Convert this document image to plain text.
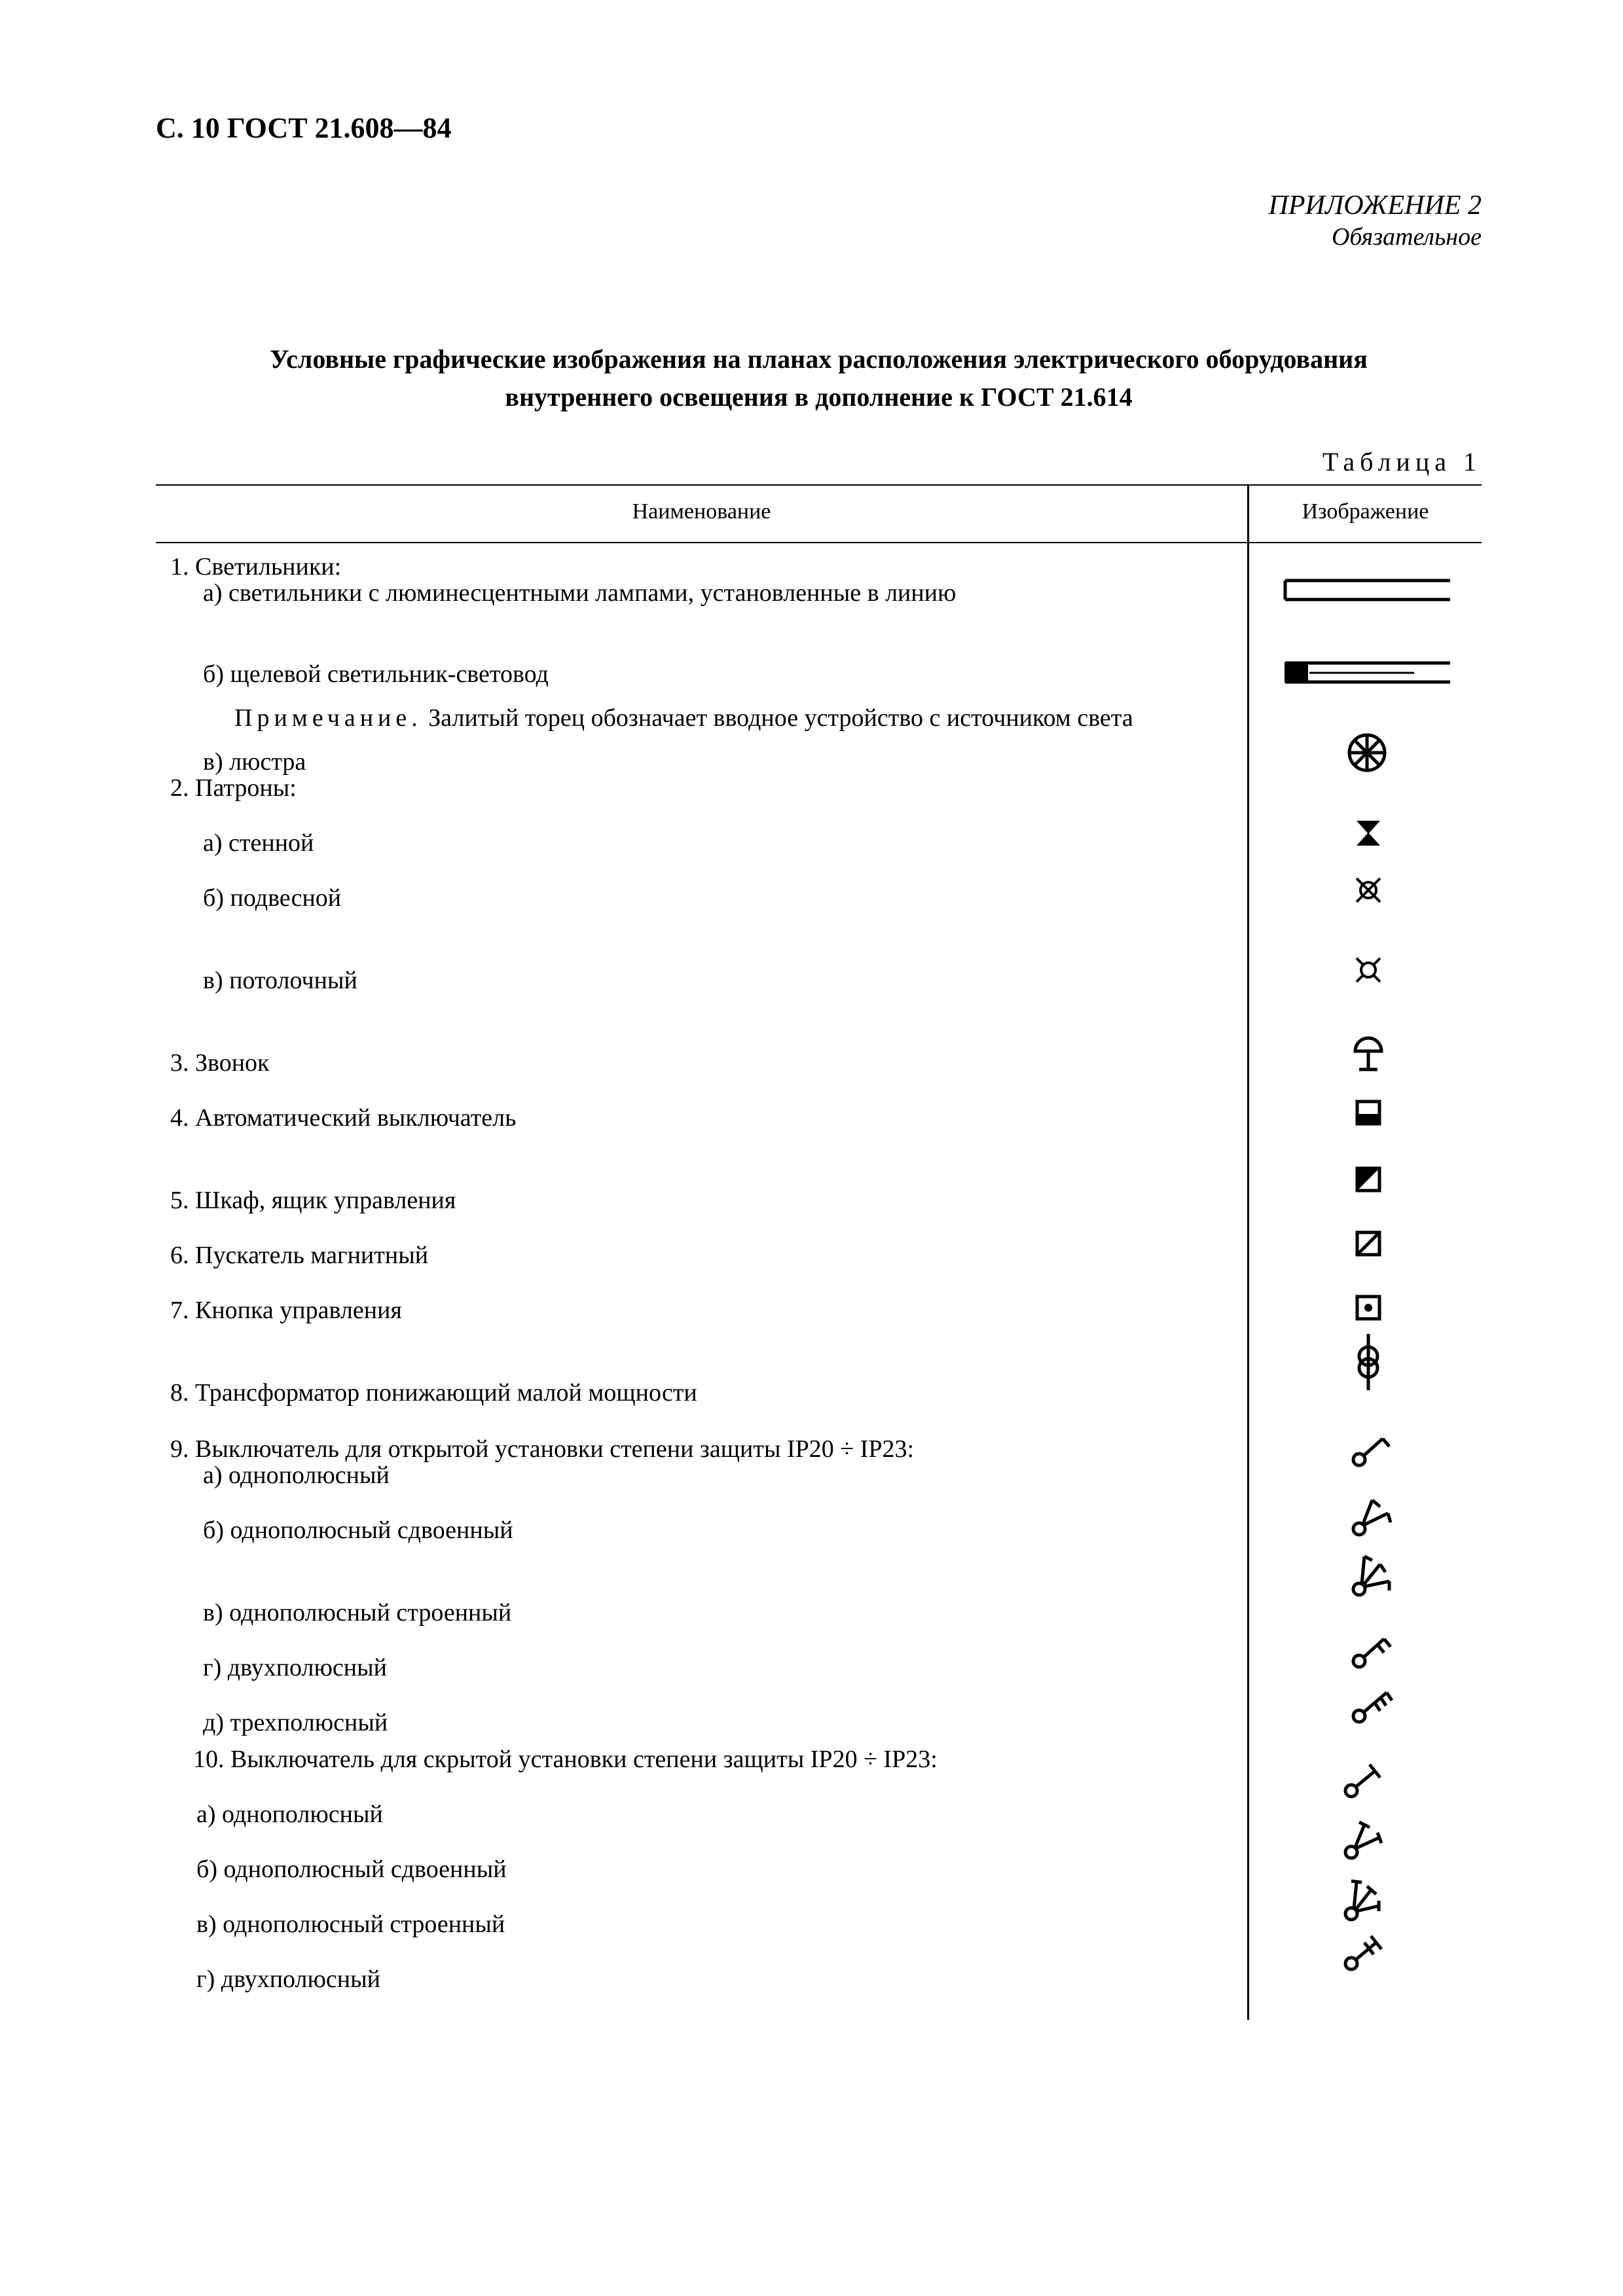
С. 10 ГОСТ 21.608—84
ПРИЛОЖЕНИЕ 2
Обязательное
Условные графические изображения на планах расположения электрического оборудования
внутреннего освещения в дополнение к ГОСТ 21.614
Таблица 1
Наименование	Изображение
1. Светильники:
а) светильники с люминесцентными лампами, установленные в линию
б) щелевой светильник-световод
Примечание. Залитый торец обозначает вводное устройство с источником света
в) люстра
2. Патроны:
а) стенной
б) подвесной
в) потолочный
3. Звонок
4. Автоматический выключатель
5. Шкаф, ящик управления
6. Пускатель магнитный
7. Кнопка управления
8. Трансформатор понижающий малой мощности
9. Выключатель для открытой установки степени защиты IP20 ÷ IP23:
а) однополюсный
б) однополюсный сдвоенный
в) однополюсный строенный
г) двухполюсный
д) трехполюсный
10. Выключатель для скрытой установки степени защиты IP20 ÷ IP23:
а) однополюсный
б) однополюсный сдвоенный
в) однополюсный строенный
г) двухполюсный
